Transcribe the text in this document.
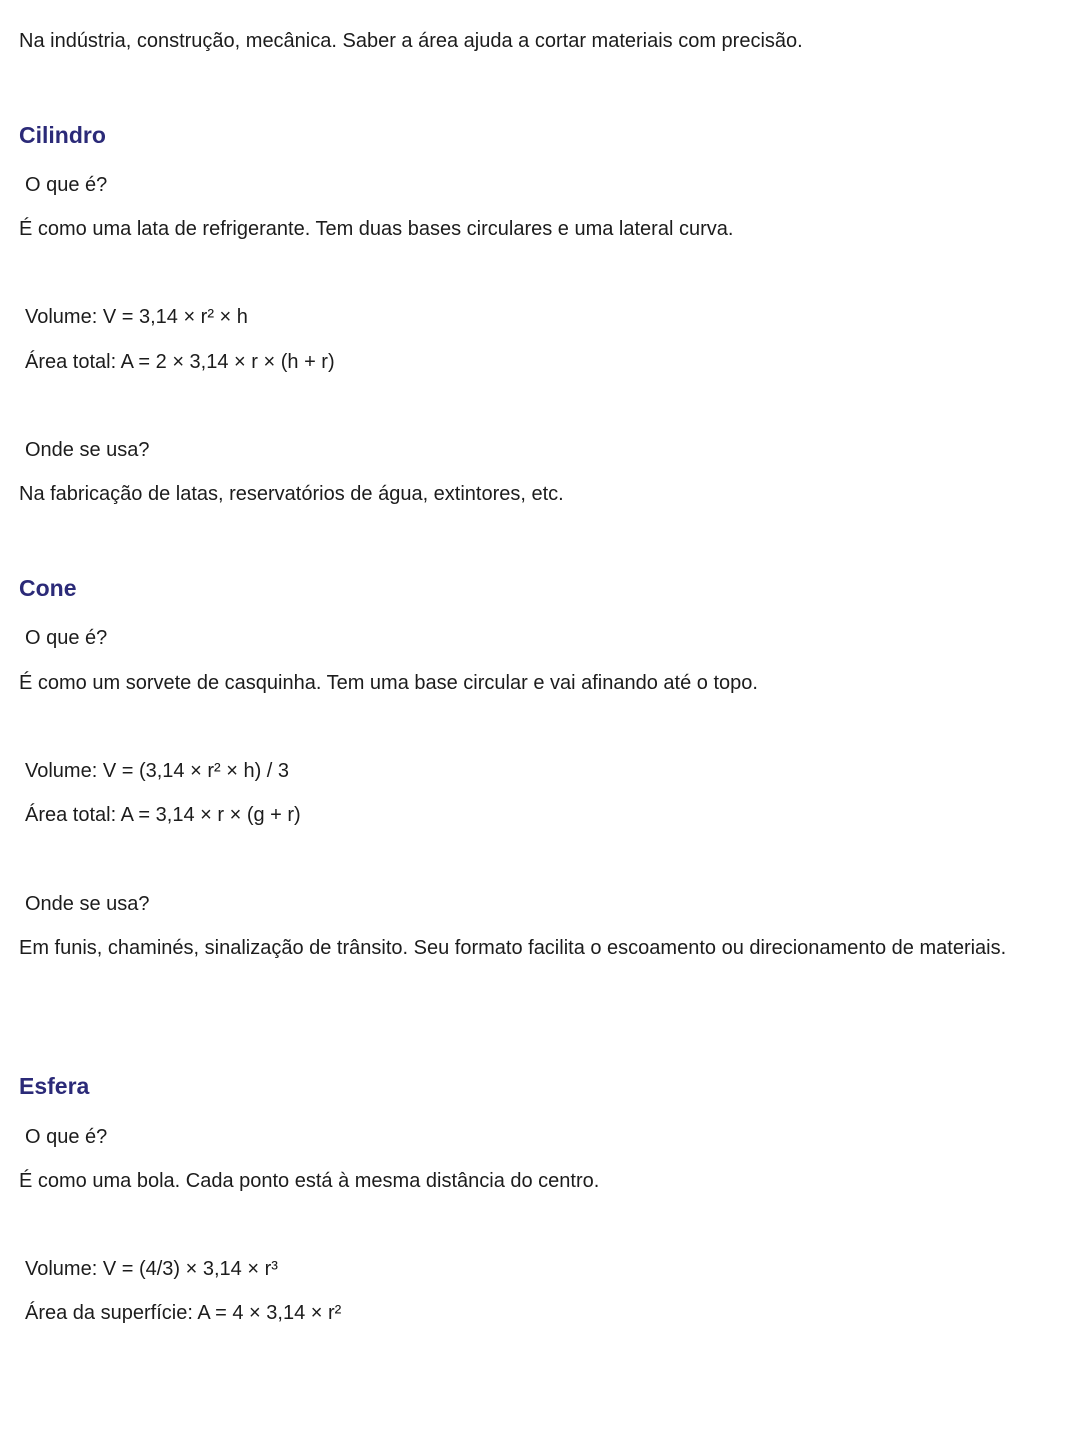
Na indústria, construção, mecânica. Saber a área ajuda a cortar materiais com precisão.
Cilindro
O que é?
É como uma lata de refrigerante. Tem duas bases circulares e uma lateral curva.
Volume: V = 3,14 × r² × h
Área total: A = 2 × 3,14 × r × (h + r)
Onde se usa?
Na fabricação de latas, reservatórios de água, extintores, etc.
Cone
O que é?
É como um sorvete de casquinha. Tem uma base circular e vai afinando até o topo.
Volume: V = (3,14 × r² × h) / 3
Área total: A = 3,14 × r × (g + r)
Onde se usa?
Em funis, chaminés, sinalização de trânsito. Seu formato facilita o escoamento ou direcionamento de materiais.
Esfera
O que é?
É como uma bola. Cada ponto está à mesma distância do centro.
Volume: V = (4/3) × 3,14 × r³
Área da superfície: A = 4 × 3,14 × r²
